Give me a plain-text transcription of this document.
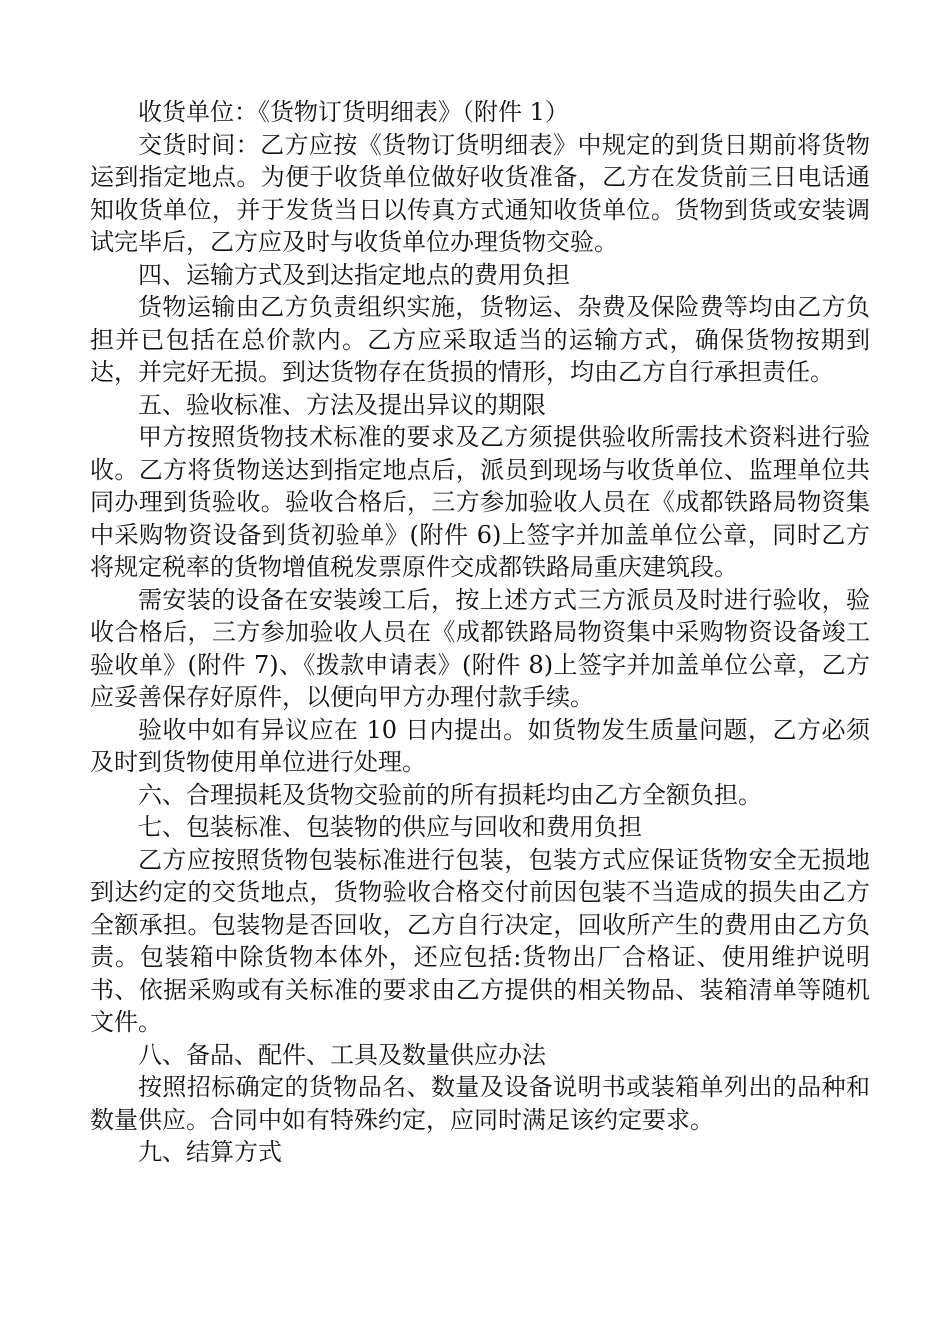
收货单位：《货物订货明细表》（附件 1）

交货时间：乙方应按《货物订货明细表》中规定的到货日期前将货物运到指定地点。为便于收货单位做好收货准备，乙方在发货前三日电话通知收货单位，并于发货当日以传真方式通知收货单位。货物到货或安装调试完毕后，乙方应及时与收货单位办理货物交验。

四、运输方式及到达指定地点的费用负担

货物运输由乙方负责组织实施，货物运、杂费及保险费等均由乙方负担并已包括在总价款内。乙方应采取适当的运输方式，确保货物按期到达，并完好无损。到达货物存在货损的情形，均由乙方自行承担责任。

五、验收标准、方法及提出异议的期限

甲方按照货物技术标准的要求及乙方须提供验收所需技术资料进行验收。乙方将货物送达到指定地点后，派员到现场与收货单位、监理单位共同办理到货验收。验收合格后，三方参加验收人员在《成都铁路局物资集中采购物资设备到货初验单》(附件 6)上签字并加盖单位公章，同时乙方将规定税率的货物增值税发票原件交成都铁路局重庆建筑段。

需安装的设备在安装竣工后，按上述方式三方派员及时进行验收，验收合格后，三方参加验收人员在《成都铁路局物资集中采购物资设备竣工验收单》(附件 7)、《拨款申请表》(附件 8)上签字并加盖单位公章，乙方应妥善保存好原件，以便向甲方办理付款手续。

验收中如有异议应在 10 日内提出。如货物发生质量问题，乙方必须及时到货物使用单位进行处理。

六、合理损耗及货物交验前的所有损耗均由乙方全额负担。

七、包装标准、包装物的供应与回收和费用负担

乙方应按照货物包装标准进行包装，包装方式应保证货物安全无损地到达约定的交货地点，货物验收合格交付前因包装不当造成的损失由乙方全额承担。包装物是否回收，乙方自行决定，回收所产生的费用由乙方负责。包装箱中除货物本体外，还应包括:货物出厂合格证、使用维护说明书、依据采购或有关标准的要求由乙方提供的相关物品、装箱清单等随机文件。

八、备品、配件、工具及数量供应办法

按照招标确定的货物品名、数量及设备说明书或装箱单列出的品种和数量供应。合同中如有特殊约定，应同时满足该约定要求。

九、结算方式
